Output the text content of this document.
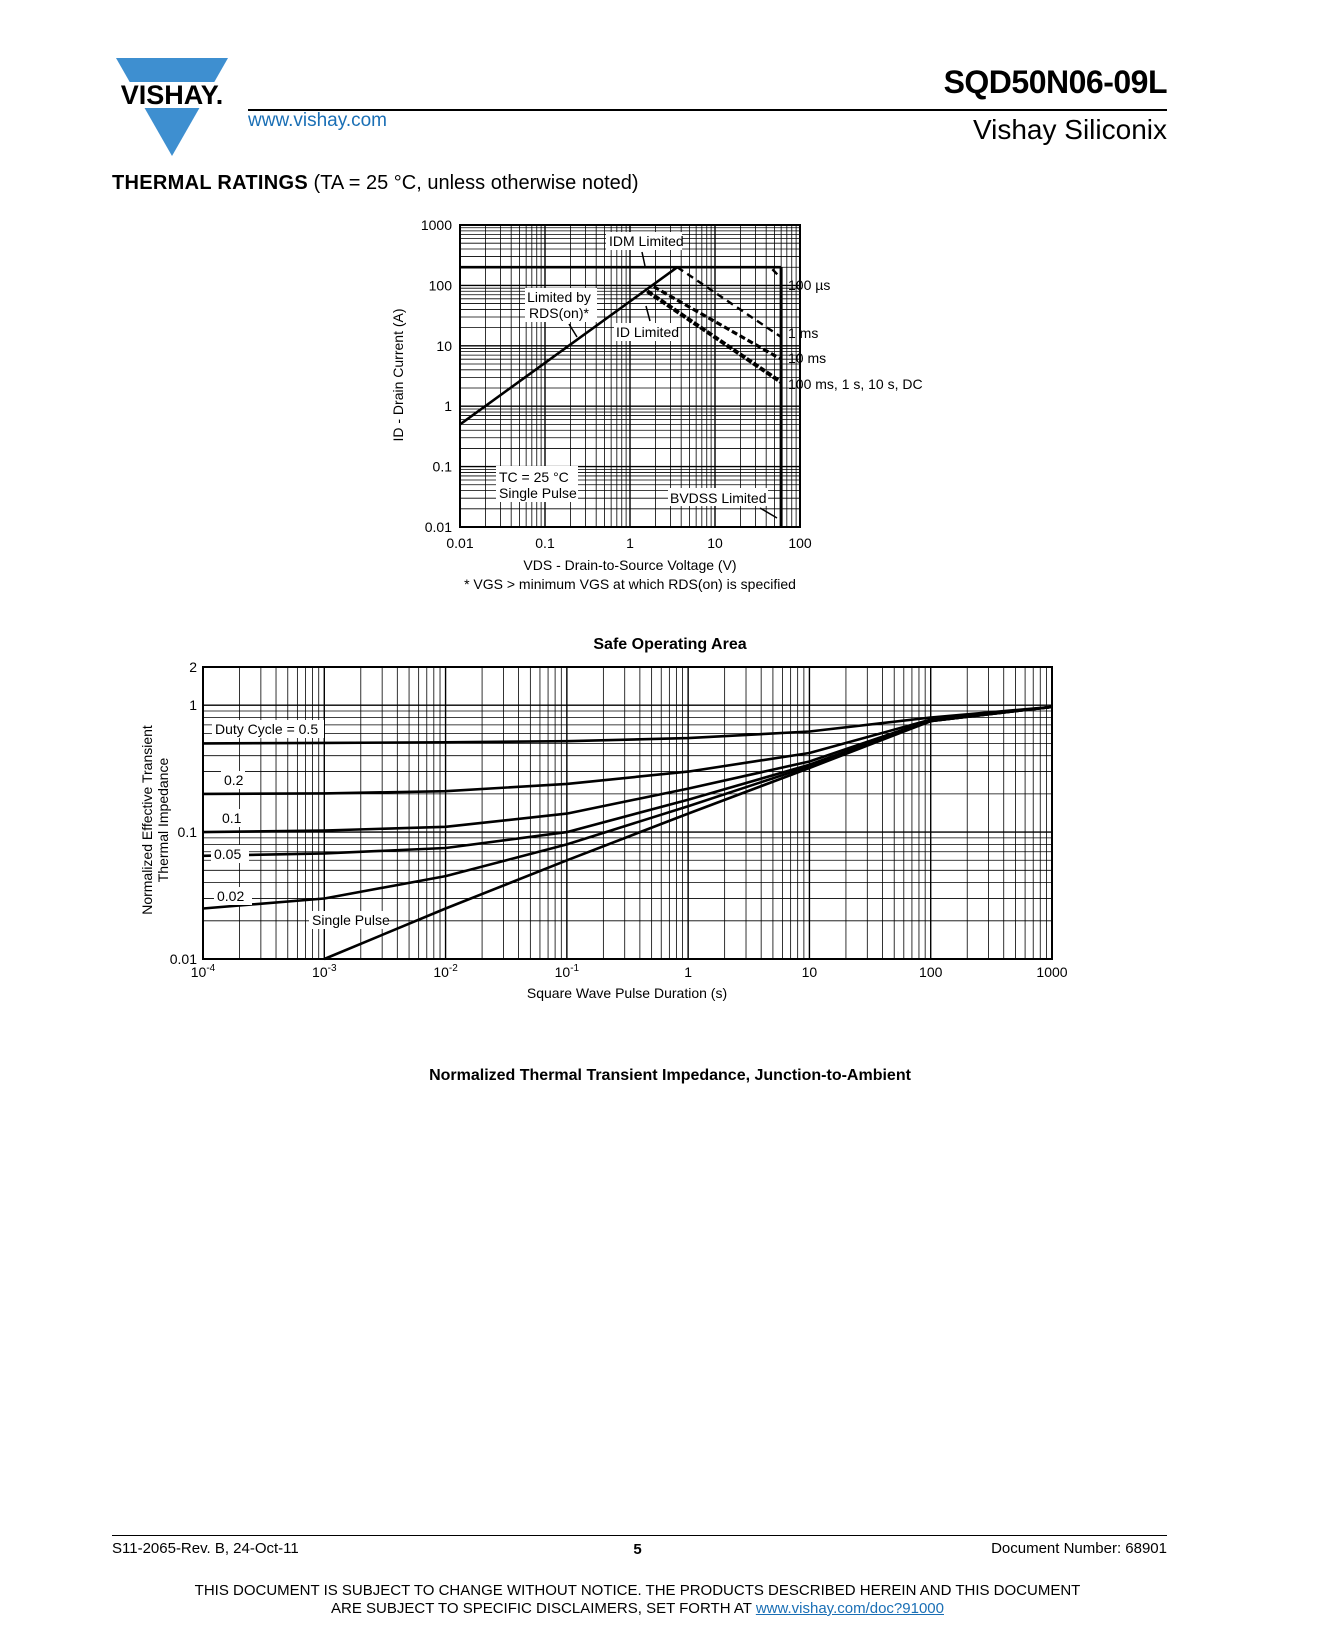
VISHAY.
www.vishay.com
SQD50N06-09L
Vishay Siliconix
THERMAL RATINGS (TA = 25 °C, unless otherwise noted)
0.01	0.1	1	10	100
0.01
0.1
1
10
100
1000
ID - Drain Current (A)
VDS - Drain-to-Source Voltage (V)
* VGS > minimum VGS at which RDS(on) is specified
IDM Limited
Limited by
RDS(on)*
ID Limited
TC = 25 °C
Single Pulse	BVDSS Limited
100 µs
1 ms
10 ms
100 ms, 1 s, 10 s, DC
Safe Operating Area
$10^{-4}$	$10^{-3}$	$10^{-2}$	$10^{-1}$	1	10	100	1000
0.01
0.1
1
2
Normalized Effective Transient Thermal Impedance
Square Wave Pulse Duration (s)
Duty Cycle = 0.5
0.2
0.1
0.05
0.02
Single Pulse
Normalized Thermal Transient Impedance, Junction-to-Ambient
S11-2065-Rev. B, 24-Oct-11	5	Document Number: 68901
THIS DOCUMENT IS SUBJECT TO CHANGE WITHOUT NOTICE. THE PRODUCTS DESCRIBED HEREIN AND THIS DOCUMENT
ARE SUBJECT TO SPECIFIC DISCLAIMERS, SET FORTH AT www.vishay.com/doc?91000
